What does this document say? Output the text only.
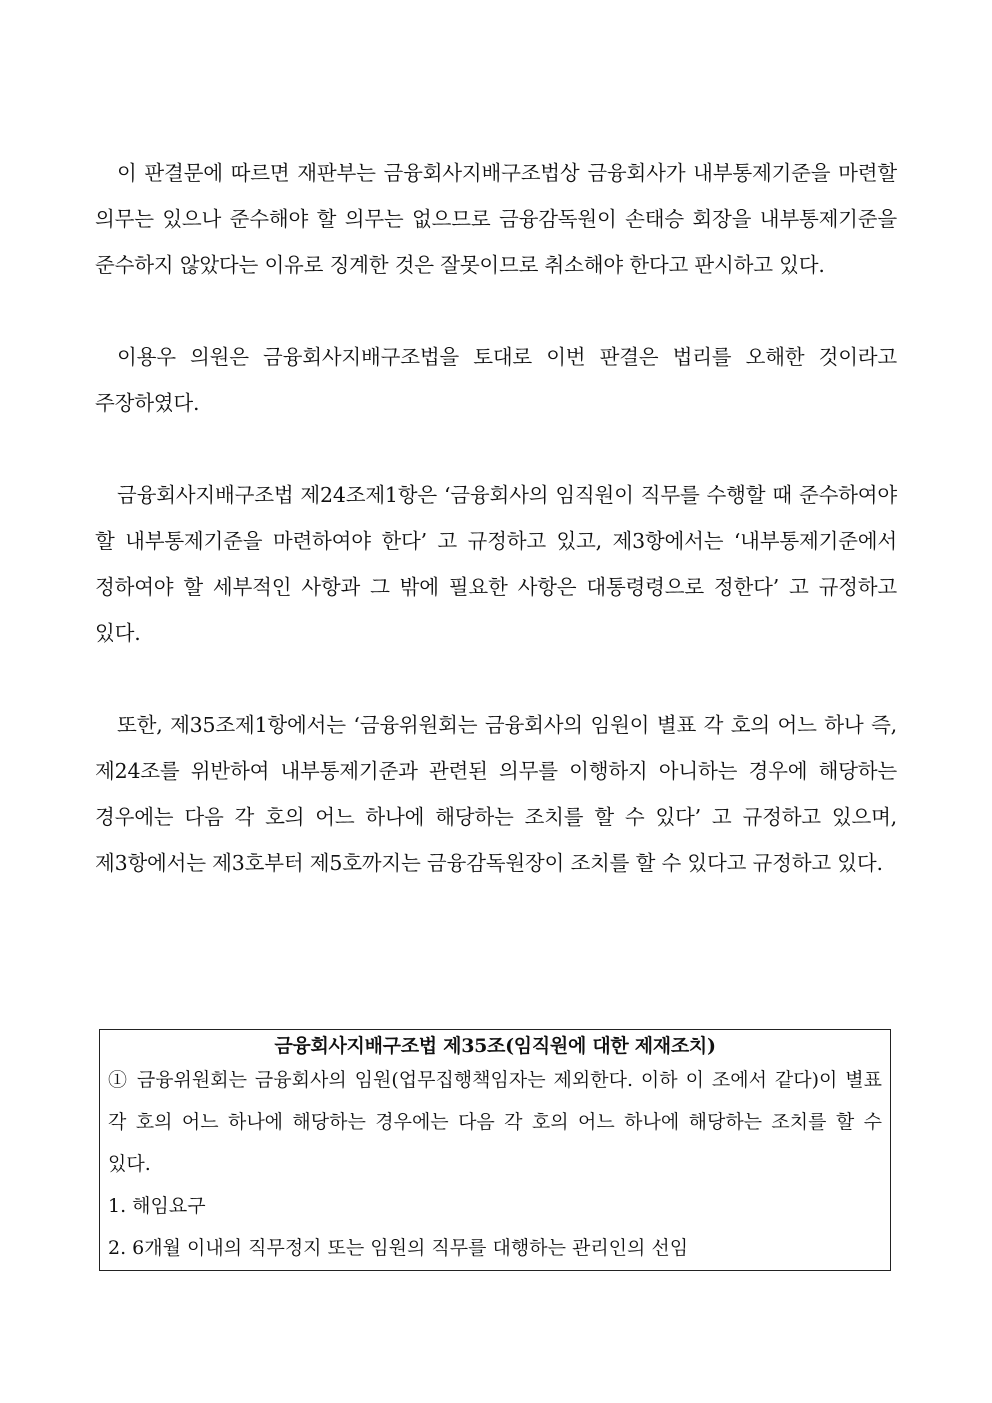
이 판결문에 따르면 재판부는 금융회사지배구조법상 금융회사가 내부통제기준을 마련할 의무는 있으나 준수해야 할 의무는 없으므로 금융감독원이 손태승 회장을 내부통제기준을 준수하지 않았다는 이유로 징계한 것은 잘못이므로 취소해야 한다고 판시하고 있다.

이용우 의원은 금융회사지배구조법을 토대로 이번 판결은 법리를 오해한 것이라고 주장하였다.

금융회사지배구조법 제24조제1항은 ‘금융회사의 임직원이 직무를 수행할 때 준수하여야 할 내부통제기준을 마련하여야 한다’ 고 규정하고 있고, 제3항에서는 ‘내부통제기준에서 정하여야 할 세부적인 사항과 그 밖에 필요한 사항은 대통령령으로 정한다’ 고 규정하고 있다.

또한, 제35조제1항에서는 ‘금융위원회는 금융회사의 임원이 별표 각 호의 어느 하나 즉, 제24조를 위반하여 내부통제기준과 관련된 의무를 이행하지 아니하는 경우에 해당하는 경우에는 다음 각 호의 어느 하나에 해당하는 조치를 할 수 있다’ 고 규정하고 있으며, 제3항에서는 제3호부터 제5호까지는 금융감독원장이 조치를 할 수 있다고 규정하고 있다.

금융회사지배구조법 제35조(임직원에 대한 제재조치)
① 금융위원회는 금융회사의 임원(업무집행책임자는 제외한다. 이하 이 조에서 같다)이 별표 각 호의 어느 하나에 해당하는 경우에는 다음 각 호의 어느 하나에 해당하는 조치를 할 수 있다.
1. 해임요구
2. 6개월 이내의 직무정지 또는 임원의 직무를 대행하는 관리인의 선임
